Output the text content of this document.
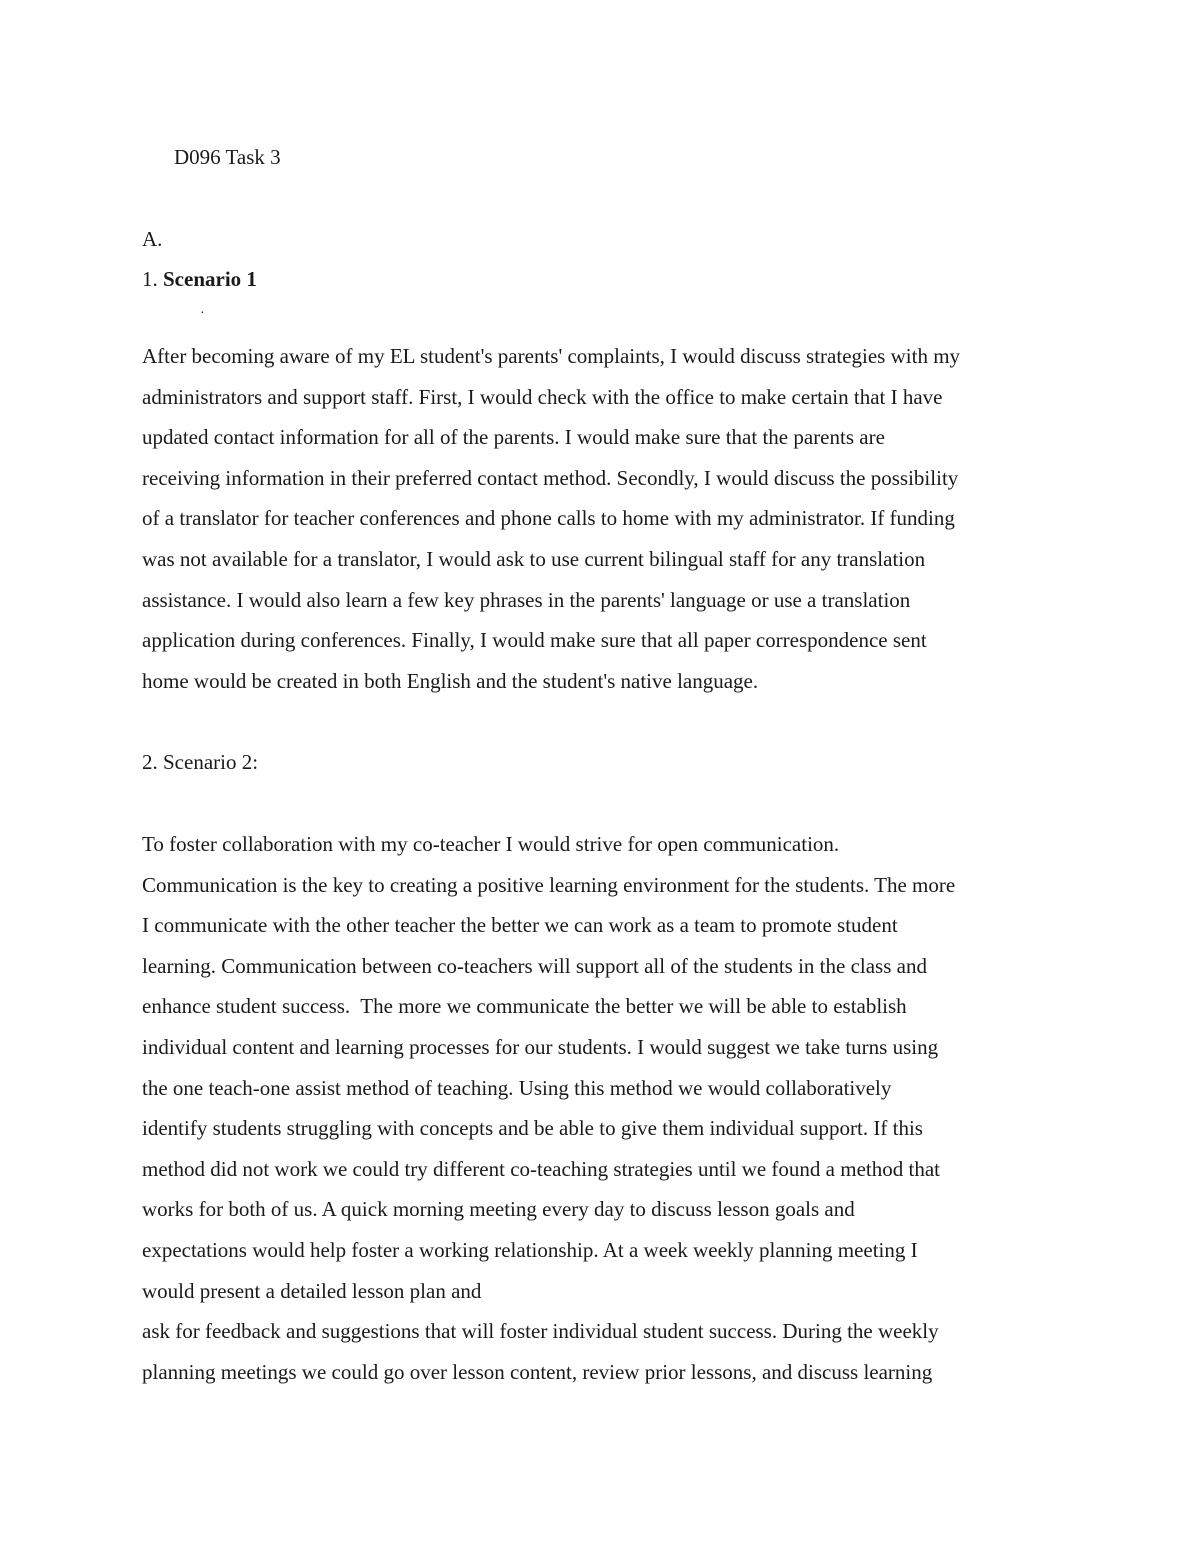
D096 Task 3

A.

1. Scenario 1

·

After becoming aware of my EL student's parents' complaints, I would discuss strategies with my
administrators and support staff. First, I would check with the office to make certain that I have
updated contact information for all of the parents. I would make sure that the parents are
receiving information in their preferred contact method. Secondly, I would discuss the possibility
of a translator for teacher conferences and phone calls to home with my administrator. If funding
was not available for a translator, I would ask to use current bilingual staff for any translation
assistance. I would also learn a few key phrases in the parents' language or use a translation
application during conferences. Finally, I would make sure that all paper correspondence sent
home would be created in both English and the student's native language.

2. Scenario 2:

To foster collaboration with my co-teacher I would strive for open communication.
Communication is the key to creating a positive learning environment for the students. The more
I communicate with the other teacher the better we can work as a team to promote student
learning. Communication between co-teachers will support all of the students in the class and
enhance student success.  The more we communicate the better we will be able to establish
individual content and learning processes for our students. I would suggest we take turns using
the one teach-one assist method of teaching. Using this method we would collaboratively
identify students struggling with concepts and be able to give them individual support. If this
method did not work we could try different co-teaching strategies until we found a method that
works for both of us. A quick morning meeting every day to discuss lesson goals and
expectations would help foster a working relationship. At a week weekly planning meeting I
would present a detailed lesson plan and
ask for feedback and suggestions that will foster individual student success. During the weekly
planning meetings we could go over lesson content, review prior lessons, and discuss learning
